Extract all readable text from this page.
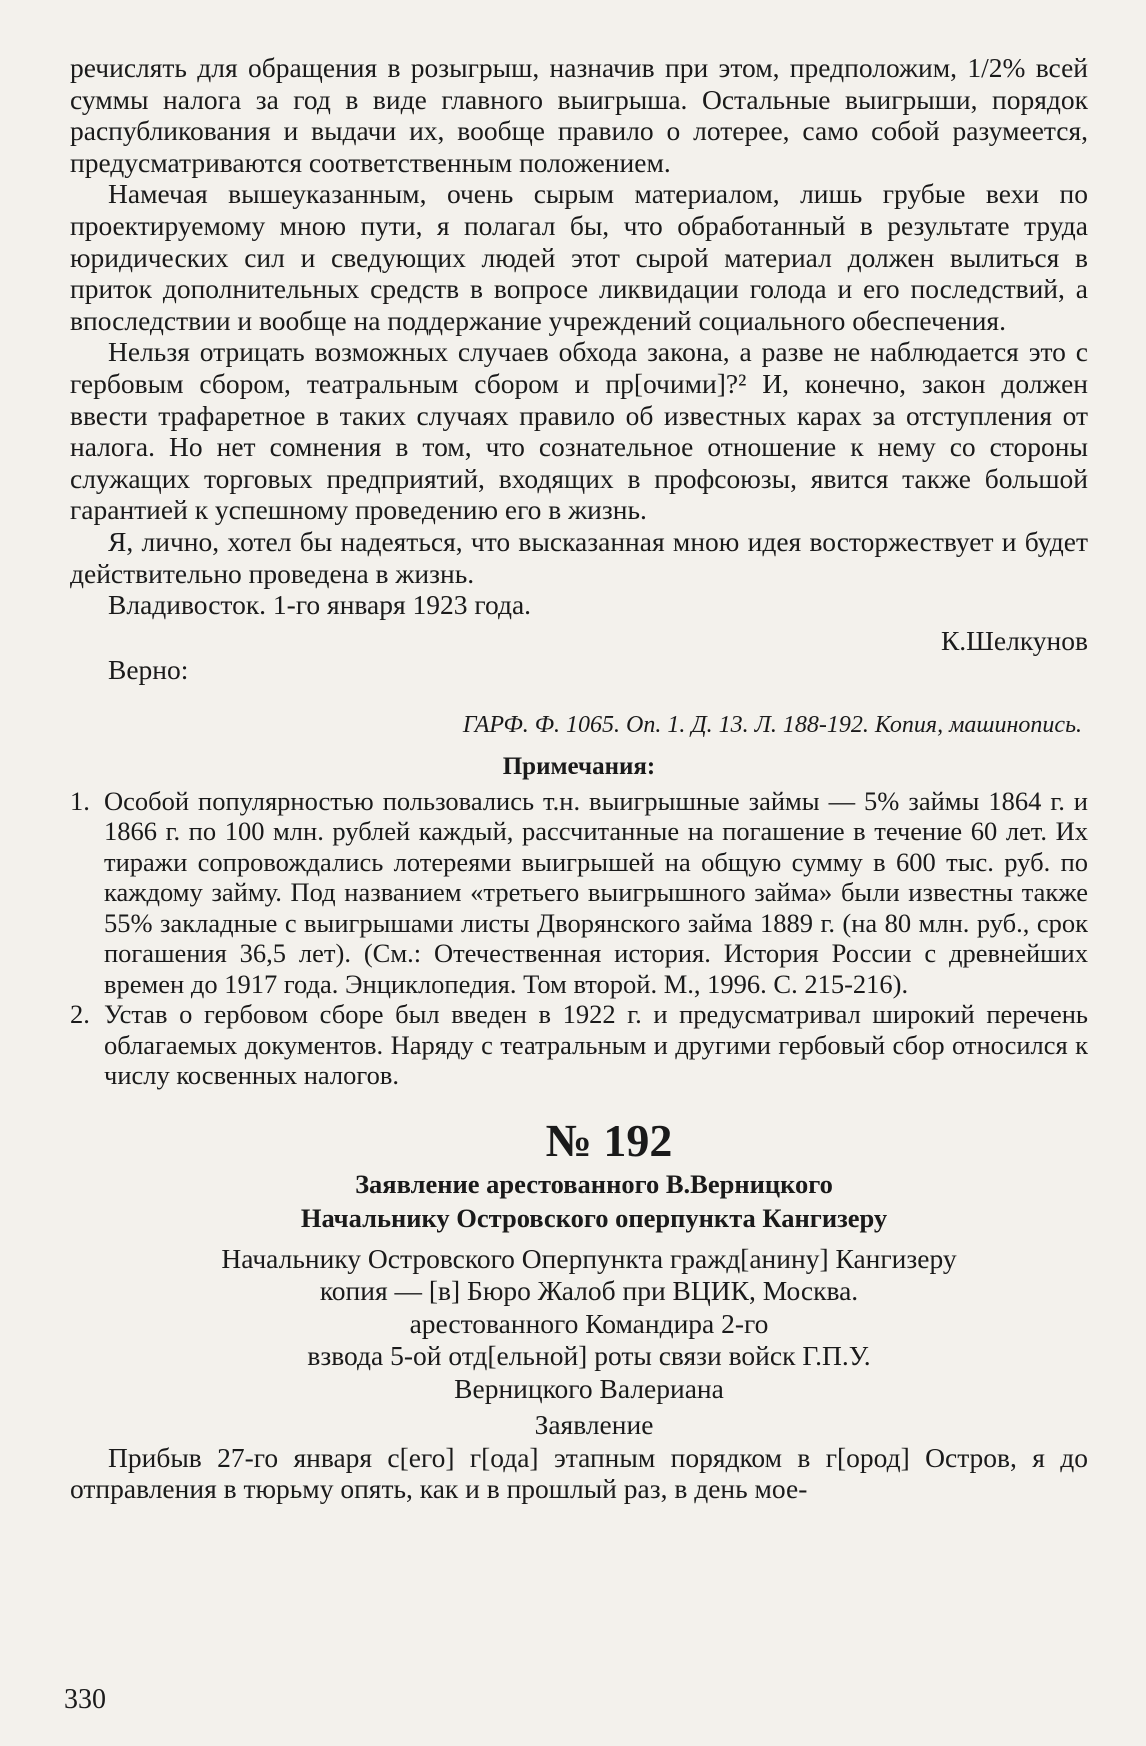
речислять для обращения в розыгрыш, назначив при этом, предположим, 1/2% всей суммы налога за год в виде главного выигрыша. Остальные выигрыши, порядок распубликования и выдачи их, вообще правило о лотерее, само собой разумеется, предусматриваются соответственным положением.

Намечая вышеуказанным, очень сырым материалом, лишь грубые вехи по проектируемому мною пути, я полагал бы, что обработанный в результате труда юридических сил и сведующих людей этот сырой материал должен вылиться в приток дополнительных средств в вопросе ликвидации голода и его последствий, а впоследствии и вообще на поддержание учреждений социального обеспечения.

Нельзя отрицать возможных случаев обхода закона, а разве не наблюдается это с гербовым сбором, театральным сбором и пр[очими]?² И, конечно, закон должен ввести трафаретное в таких случаях правило об известных карах за отступления от налога. Но нет сомнения в том, что сознательное отношение к нему со стороны служащих торговых предприятий, входящих в профсоюзы, явится также большой гарантией к успешному проведению его в жизнь.

Я, лично, хотел бы надеяться, что высказанная мною идея восторжествует и будет действительно проведена в жизнь.

Владивосток. 1-го января 1923 года.

К.Шелкунов
Верно:
ГАРФ. Ф. 1065. Оп. 1. Д. 13. Л. 188-192. Копия, машинопись.
Примечания:
1. Особой популярностью пользовались т.н. выигрышные займы — 5% займы 1864 г. и 1866 г. по 100 млн. рублей каждый, рассчитанные на погашение в течение 60 лет. Их тиражи сопровождались лотереями выигрышей на общую сумму в 600 тыс. руб. по каждому займу. Под названием «третьего выигрышного займа» были известны также 55% закладные с выигрышами листы Дворянского займа 1889 г. (на 80 млн. руб., срок погашения 36,5 лет). (См.: Отечественная история. История России с древнейших времен до 1917 года. Энциклопедия. Том второй. М., 1996. С. 215-216).
2. Устав о гербовом сборе был введен в 1922 г. и предусматривал широкий перечень облагаемых документов. Наряду с театральным и другими гербовый сбор относился к числу косвенных налогов.
№ 192
Заявление арестованного В.Верницкого
Начальнику Островского оперпункта Кангизеру
Начальнику Островского Оперпункта гражд[анину] Кангизеру
копия — [в] Бюро Жалоб при ВЦИК, Москва.
арестованного Командира 2-го
взвода 5-ой отд[ельной] роты связи войск Г.П.У.
Верницкого Валериана
Заявление

Прибыв 27-го января с[его] г[ода] этапным порядком в г[ород] Остров, я до отправления в тюрьму опять, как и в прошлый раз, в день мое-

330
